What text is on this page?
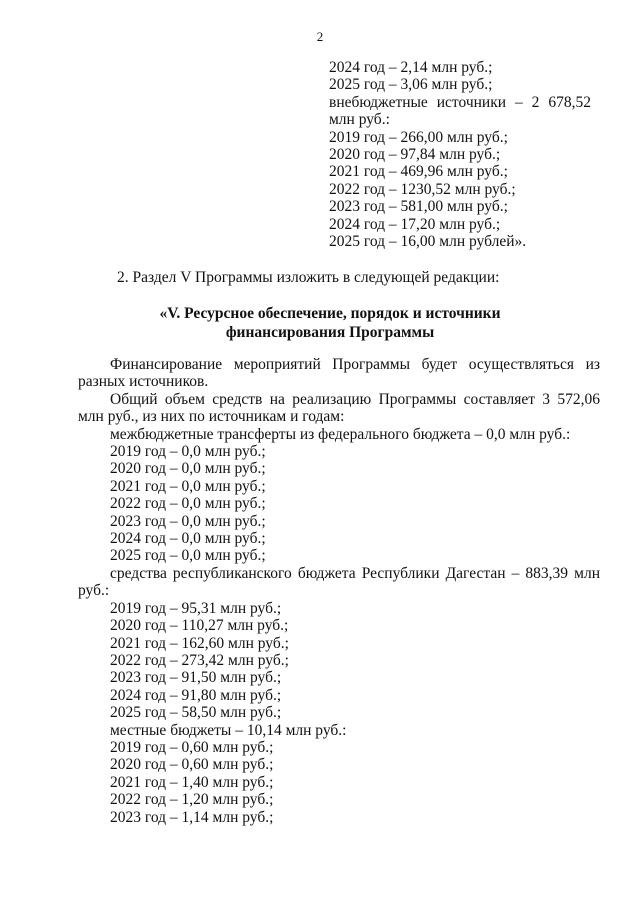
2
2024 год – 2,14 млн руб.;
2025 год – 3,06 млн руб.;
внебюджетные источники – 2 678,52 млн руб.:
2019 год – 266,00 млн руб.;
2020 год – 97,84 млн руб.;
2021 год – 469,96 млн руб.;
2022 год – 1230,52 млн руб.;
2023 год – 581,00 млн руб.;
2024 год – 17,20 млн руб.;
2025 год – 16,00 млн рублей».
2. Раздел V Программы изложить в следующей редакции:
«V. Ресурсное обеспечение, порядок и источники
финансирования Программы
Финансирование мероприятий Программы будет осуществляться из разных источников.
Общий объем средств на реализацию Программы составляет 3 572,06 млн руб., из них по источникам и годам:
межбюджетные трансферты из федерального бюджета – 0,0 млн руб.:
2019 год – 0,0 млн руб.;
2020 год – 0,0 млн руб.;
2021 год – 0,0 млн руб.;
2022 год – 0,0 млн руб.;
2023 год – 0,0 млн руб.;
2024 год – 0,0 млн руб.;
2025 год – 0,0 млн руб.;
средства республиканского бюджета Республики Дагестан – 883,39 млн руб.:
2019 год – 95,31 млн руб.;
2020 год – 110,27 млн руб.;
2021 год – 162,60 млн руб.;
2022 год – 273,42 млн руб.;
2023 год – 91,50 млн руб.;
2024 год – 91,80 млн руб.;
2025 год – 58,50 млн руб.;
местные бюджеты – 10,14 млн руб.:
2019 год – 0,60 млн руб.;
2020 год – 0,60 млн руб.;
2021 год – 1,40 млн руб.;
2022 год – 1,20 млн руб.;
2023 год – 1,14 млн руб.;
